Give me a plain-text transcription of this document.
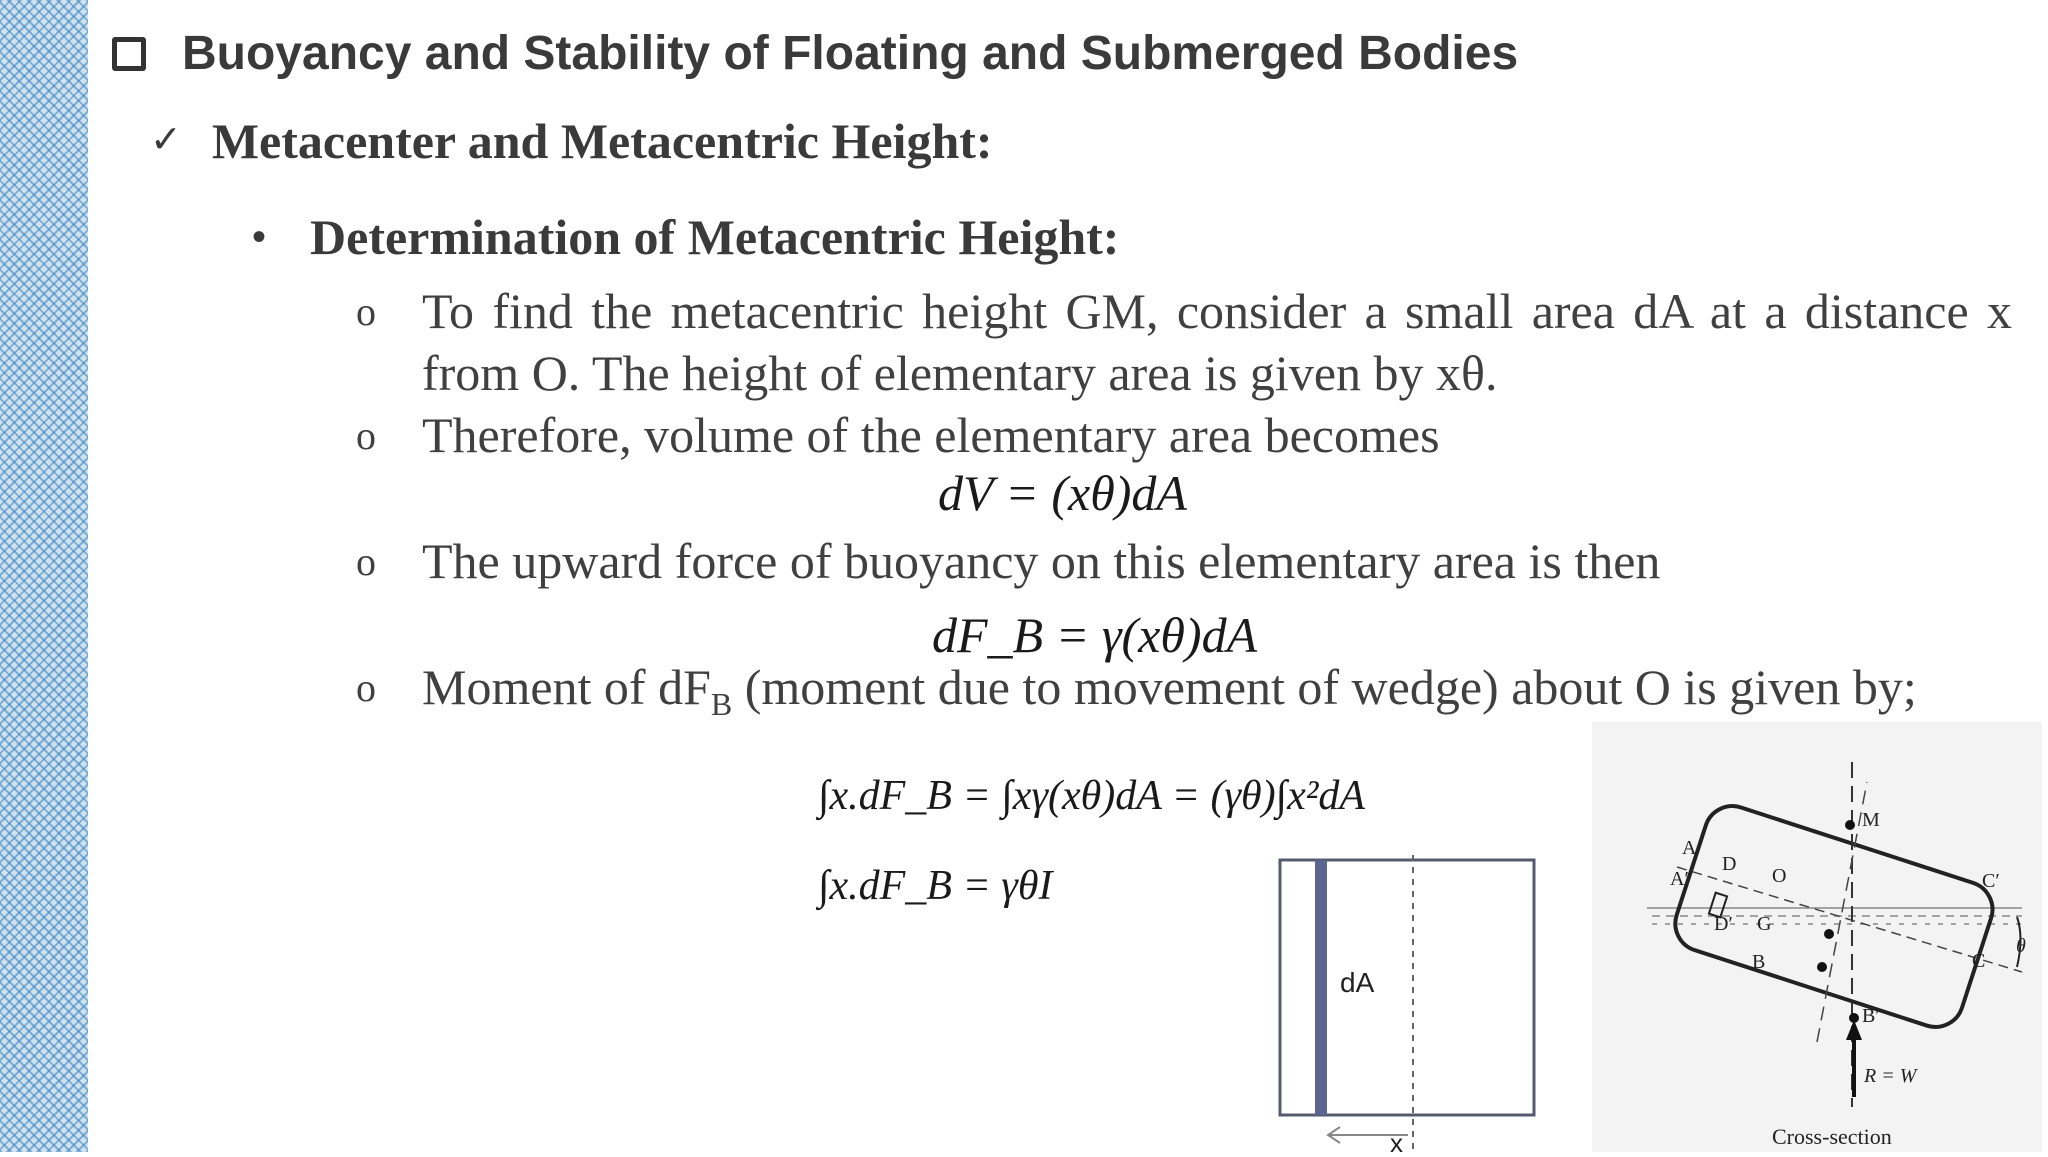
Buoyancy and Stability of Floating and Submerged Bodies
✓ Metacenter and Metacentric Height:
• Determination of Metacentric Height:
o To find the metacentric height GM, consider a small area dA at a distance x from O. The height of elementary area is given by xθ.
o Therefore, volume of the elementary area becomes
dV = (xθ)dA
o The upward force of buoyancy on this elementary area is then
dF_B = γ(xθ)dA
o Moment of $dF_B$ (moment due to movement of wedge) about O is given by;
∫x.dF_B = ∫xγ(xθ)dA = (γθ)∫x²dA
∫x.dF_B = γθI
dA
x
A
A′
D
D′
O
G
B
B′
M
C
C′
θ
R = W
Cross-section
